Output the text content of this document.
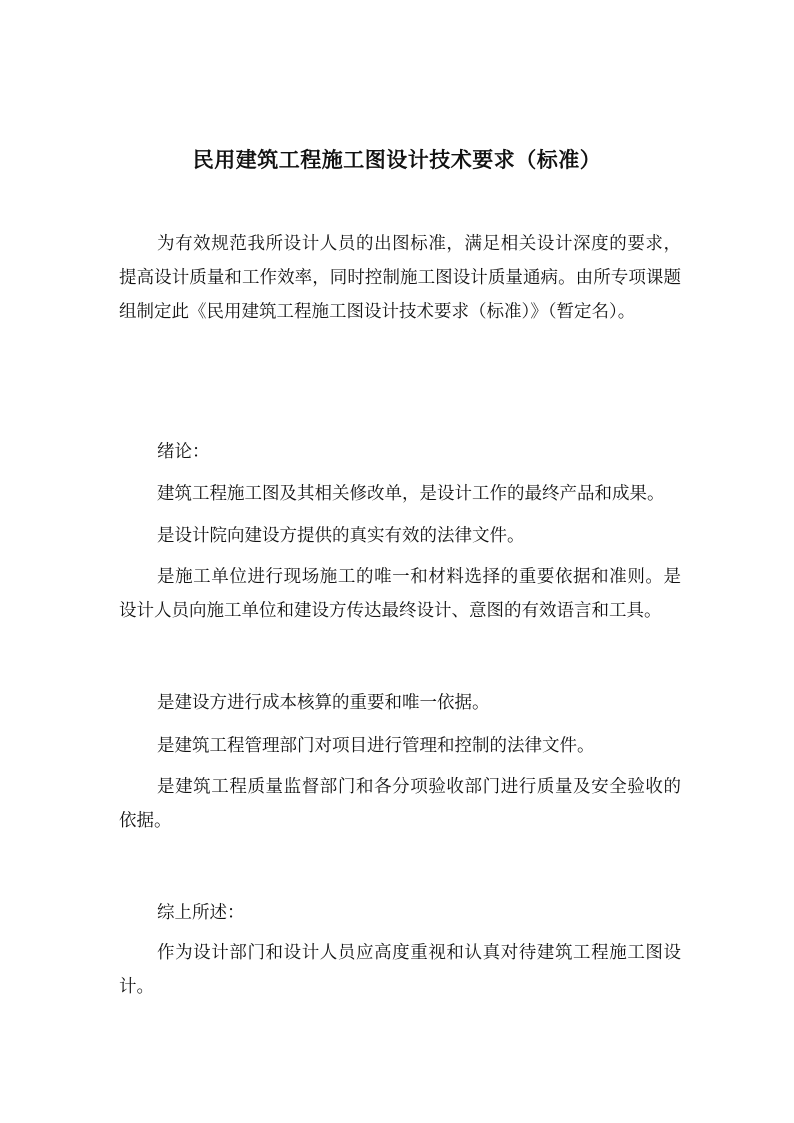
民用建筑工程施工图设计技术要求（标准）

为有效规范我所设计人员的出图标准，满足相关设计深度的要求，提高设计质量和工作效率，同时控制施工图设计质量通病。由所专项课题组制定此《民用建筑工程施工图设计技术要求（标准）》（暂定名）。

绪论：

建筑工程施工图及其相关修改单，是设计工作的最终产品和成果。

是设计院向建设方提供的真实有效的法律文件。

是施工单位进行现场施工的唯一和材料选择的重要依据和准则。是设计人员向施工单位和建设方传达最终设计、意图的有效语言和工具。

是建设方进行成本核算的重要和唯一依据。

是建筑工程管理部门对项目进行管理和控制的法律文件。

是建筑工程质量监督部门和各分项验收部门进行质量及安全验收的依据。

综上所述：

作为设计部门和设计人员应高度重视和认真对待建筑工程施工图设计。
